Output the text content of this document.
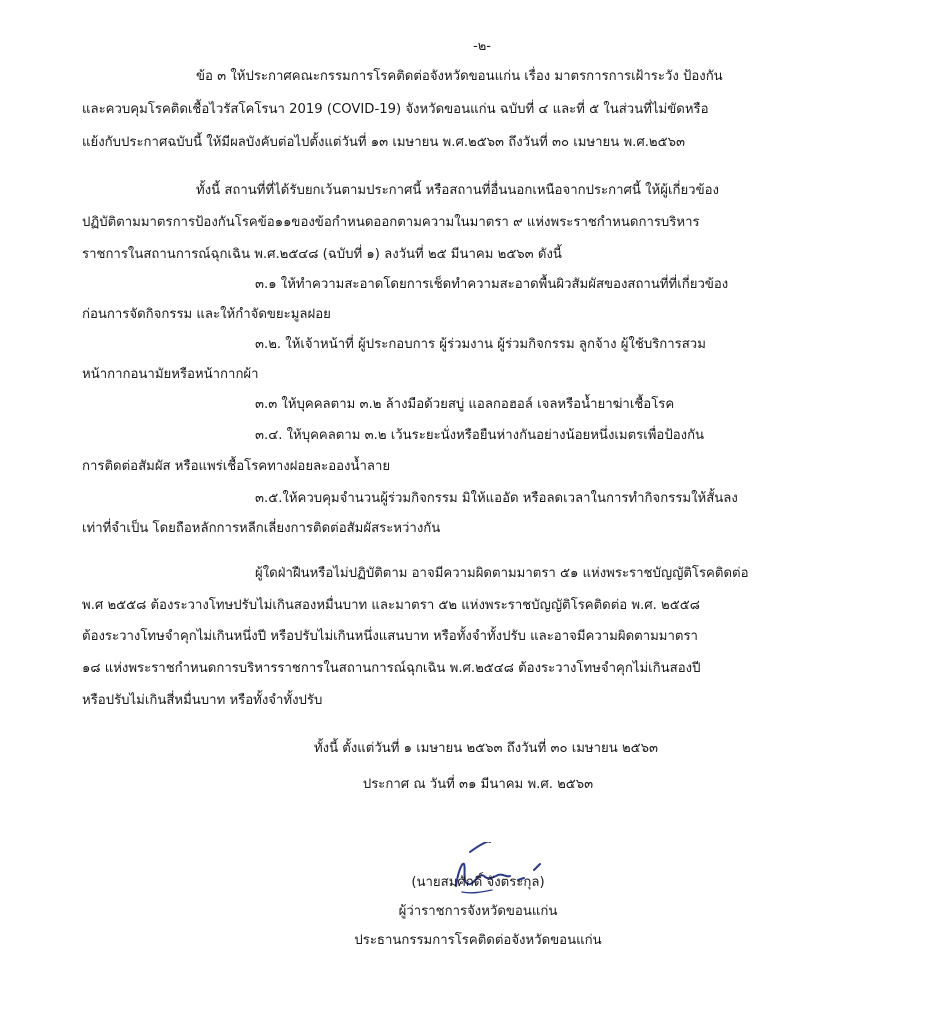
-๒-
ข้อ ๓ ให้ประกาศคณะกรรมการโรคติดต่อจังหวัดขอนแก่น เรื่อง มาตรการการเฝ้าระวัง ป้องกัน
และควบคุมโรคติดเชื้อไวรัสโคโรนา 2019 (COVID-19) จังหวัดขอนแก่น ฉบับที่ ๔ และที่ ๕ ในส่วนที่ไม่ขัดหรือ
แย้งกับประกาศฉบับนี้ ให้มีผลบังคับต่อไปตั้งแต่วันที่ ๑๓ เมษายน พ.ศ.๒๕๖๓ ถึงวันที่ ๓๐ เมษายน พ.ศ.๒๕๖๓
ทั้งนี้ สถานที่ที่ได้รับยกเว้นตามประกาศนี้ หรือสถานที่อื่นนอกเหนือจากประกาศนี้ ให้ผู้เกี่ยวข้อง
ปฏิบัติตามมาตรการป้องกันโรคข้อ๑๑ของข้อกำหนดออกตามความในมาตรา ๙ แห่งพระราชกำหนดการบริหาร
ราชการในสถานการณ์ฉุกเฉิน พ.ศ.๒๕๔๘ (ฉบับที่ ๑) ลงวันที่ ๒๕ มีนาคม ๒๕๖๓ ดังนี้
๓.๑ ให้ทำความสะอาดโดยการเช็ดทำความสะอาดพื้นผิวสัมผัสของสถานที่ที่เกี่ยวข้อง
ก่อนการจัดกิจกรรม และให้กำจัดขยะมูลฝอย
๓.๒. ให้เจ้าหน้าที่ ผู้ประกอบการ ผู้ร่วมงาน ผู้ร่วมกิจกรรม ลูกจ้าง ผู้ใช้บริการสวม
หน้ากากอนามัยหรือหน้ากากผ้า
๓.๓ ให้บุคคลตาม ๓.๒ ล้างมือด้วยสบู่ แอลกอฮอล์ เจลหรือน้ำยาฆ่าเชื้อโรค
๓.๔. ให้บุคคลตาม ๓.๒ เว้นระยะนั่งหรือยืนห่างกันอย่างน้อยหนึ่งเมตรเพื่อป้องกัน
การติดต่อสัมผัส หรือแพร่เชื้อโรคทางฝอยละอองน้ำลาย
๓.๕.ให้ควบคุมจำนวนผู้ร่วมกิจกรรม มิให้แออัด หรือลดเวลาในการทำกิจกรรมให้สั้นลง
เท่าที่จำเป็น โดยถือหลักการหลีกเลี่ยงการติดต่อสัมผัสระหว่างกัน
ผู้ใดฝ่าฝืนหรือไม่ปฏิบัติตาม อาจมีความผิดตามมาตรา ๕๑ แห่งพระราชบัญญัติโรคติดต่อ
พ.ศ ๒๕๕๘ ต้องระวางโทษปรับไม่เกินสองหมื่นบาท และมาตรา ๕๒ แห่งพระราชบัญญัติโรคติดต่อ พ.ศ. ๒๕๕๘
ต้องระวางโทษจำคุกไม่เกินหนึ่งปี หรือปรับไม่เกินหนึ่งแสนบาท หรือทั้งจำทั้งปรับ และอาจมีความผิดตามมาตรา
๑๘ แห่งพระราชกำหนดการบริหารราชการในสถานการณ์ฉุกเฉิน พ.ศ.๒๕๔๘ ต้องระวางโทษจำคุกไม่เกินสองปี
หรือปรับไม่เกินสี่หมื่นบาท หรือทั้งจำทั้งปรับ
ทั้งนี้ ตั้งแต่วันที่ ๑ เมษายน ๒๕๖๓ ถึงวันที่ ๓๐ เมษายน ๒๕๖๓
ประกาศ ณ วันที่ ๓๑ มีนาคม พ.ศ. ๒๕๖๓
(นายสมศักดิ์ จังตระกุล)
ผู้ว่าราชการจังหวัดขอนแก่น
ประธานกรรมการโรคติดต่อจังหวัดขอนแก่น
